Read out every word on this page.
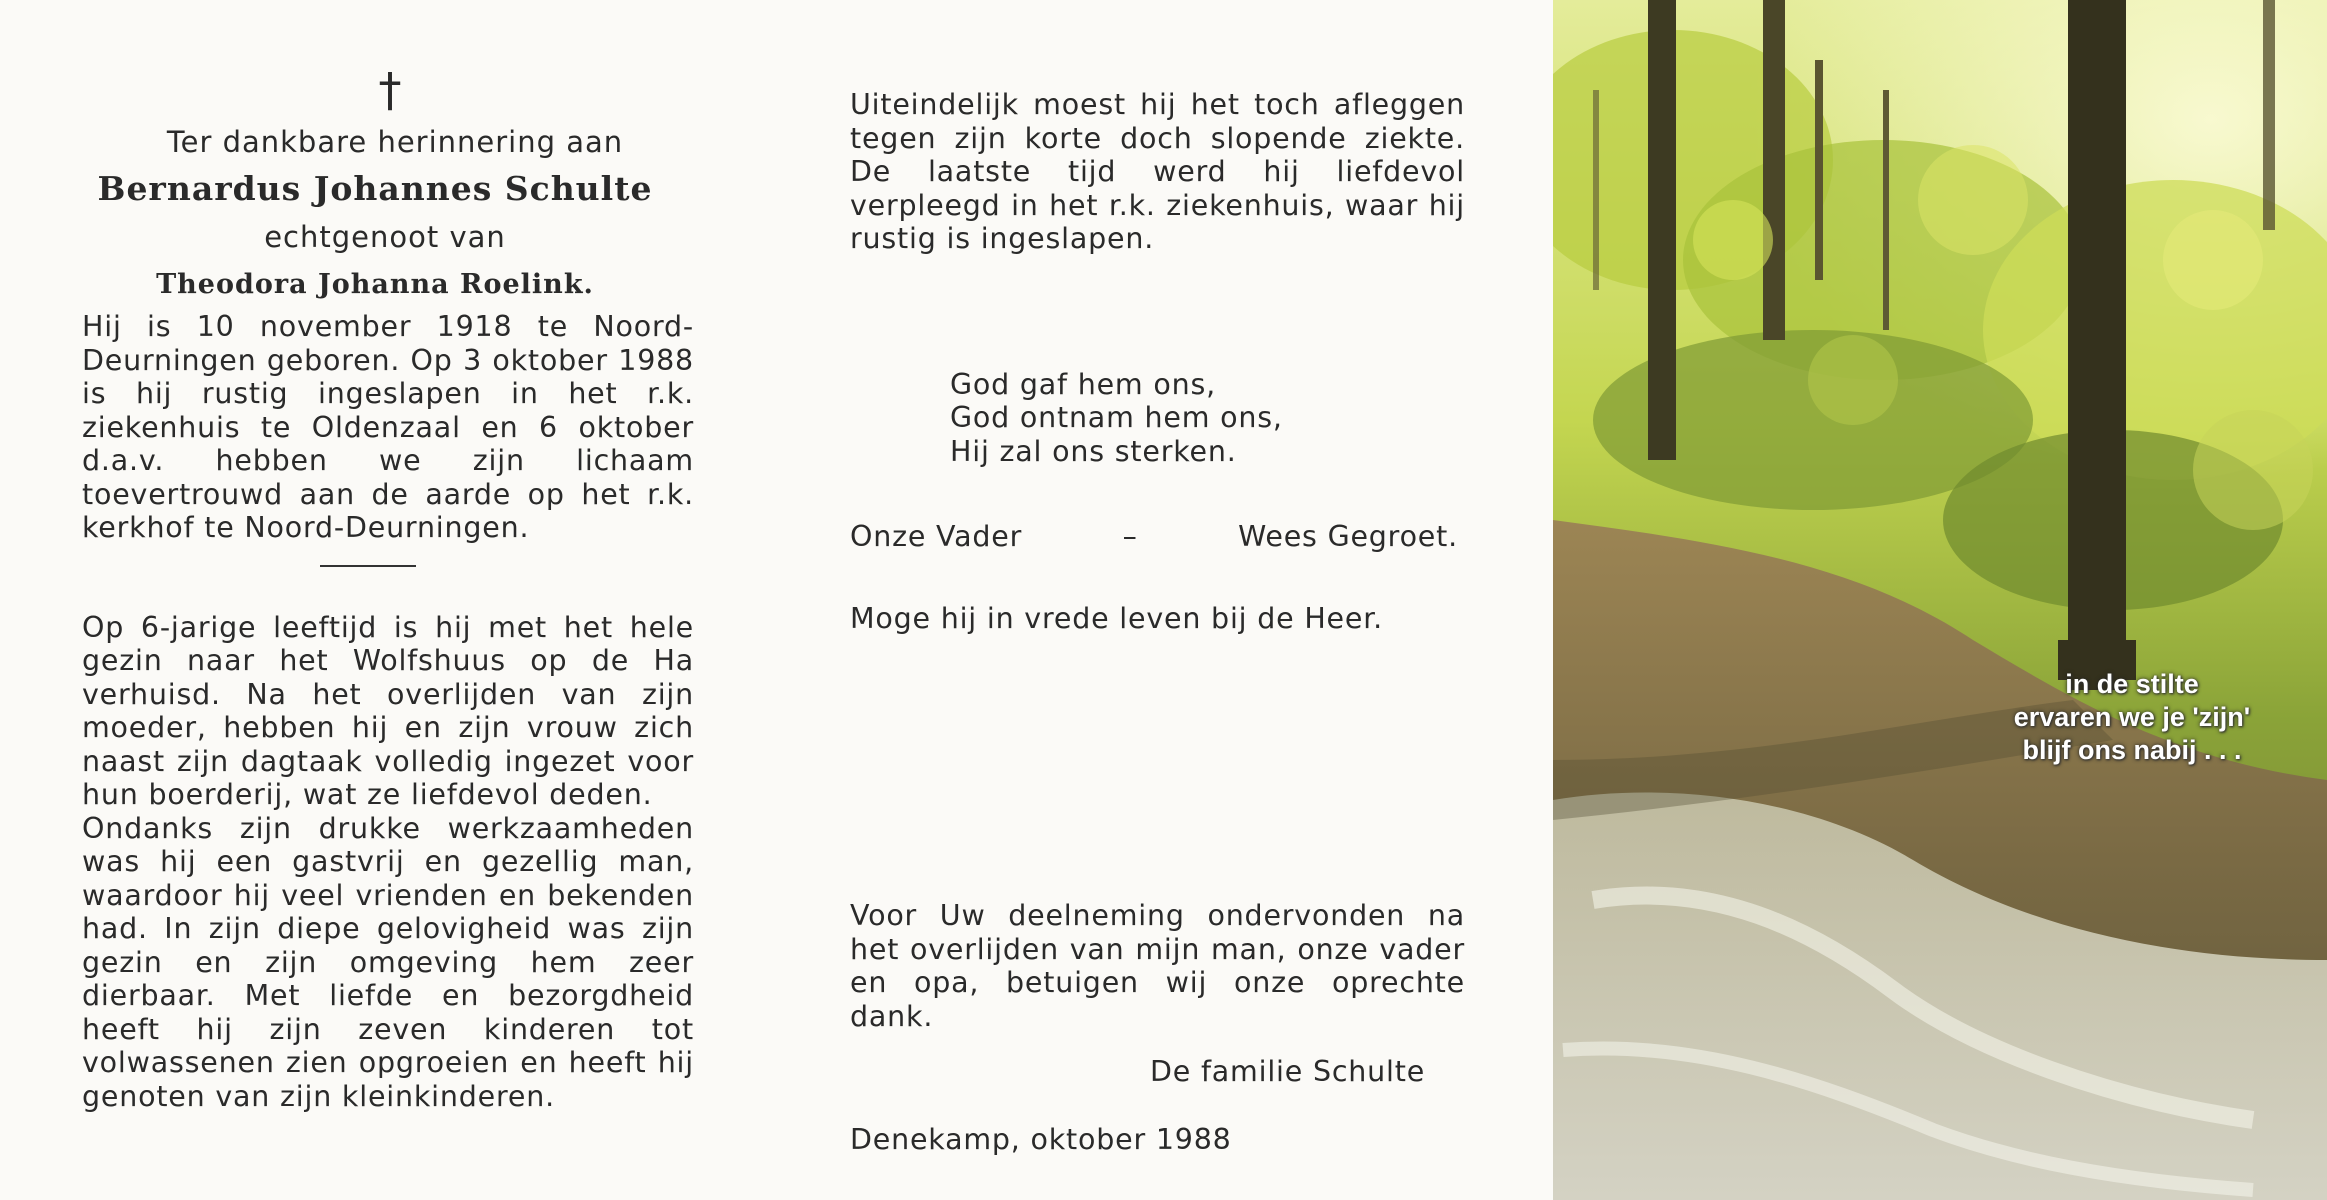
†
Ter dankbare herinnering aan
Bernardus Johannes Schulte
echtgenoot van
Theodora Johanna Roelink.

Hij is 10 november 1918 te Noord-Deurningen geboren. Op 3 oktober 1988 is hij rustig ingeslapen in het r.k. ziekenhuis te Oldenzaal en 6 oktober d.a.v. hebben we zijn lichaam toevertrouwd aan de aarde op het r.k. kerkhof te Noord-Deurningen.

Op 6-jarige leeftijd is hij met het hele gezin naar het Wolfshuus op de Ha verhuisd. Na het overlijden van zijn moeder, hebben hij en zijn vrouw zich naast zijn dagtaak volledig ingezet voor hun boerderij, wat ze liefdevol deden.

Ondanks zijn drukke werkzaamheden was hij een gastvrij en gezellig man, waardoor hij veel vrienden en bekenden had. In zijn diepe gelovigheid was zijn gezin en zijn omgeving hem zeer dierbaar. Met liefde en bezorgdheid heeft hij zijn zeven kinderen tot volwassenen zien opgroeien en heeft hij genoten van zijn kleinkinderen.

Uiteindelijk moest hij het toch afleggen tegen zijn korte doch slopende ziekte. De laatste tijd werd hij liefdevol verpleegd in het r.k. ziekenhuis, waar hij rustig is ingeslapen.

God gaf hem ons,
God ontnam hem ons,
Hij zal ons sterken.
Onze Vader	–	Wees Gegroet.

Moge hij in vrede leven bij de Heer.

Voor Uw deelneming ondervonden na het overlijden van mijn man, onze vader en opa, betuigen wij onze oprechte dank.

De familie Schulte

Denekamp, oktober 1988

in de stilte
ervaren we je 'zijn'
blijf ons nabij . . .
